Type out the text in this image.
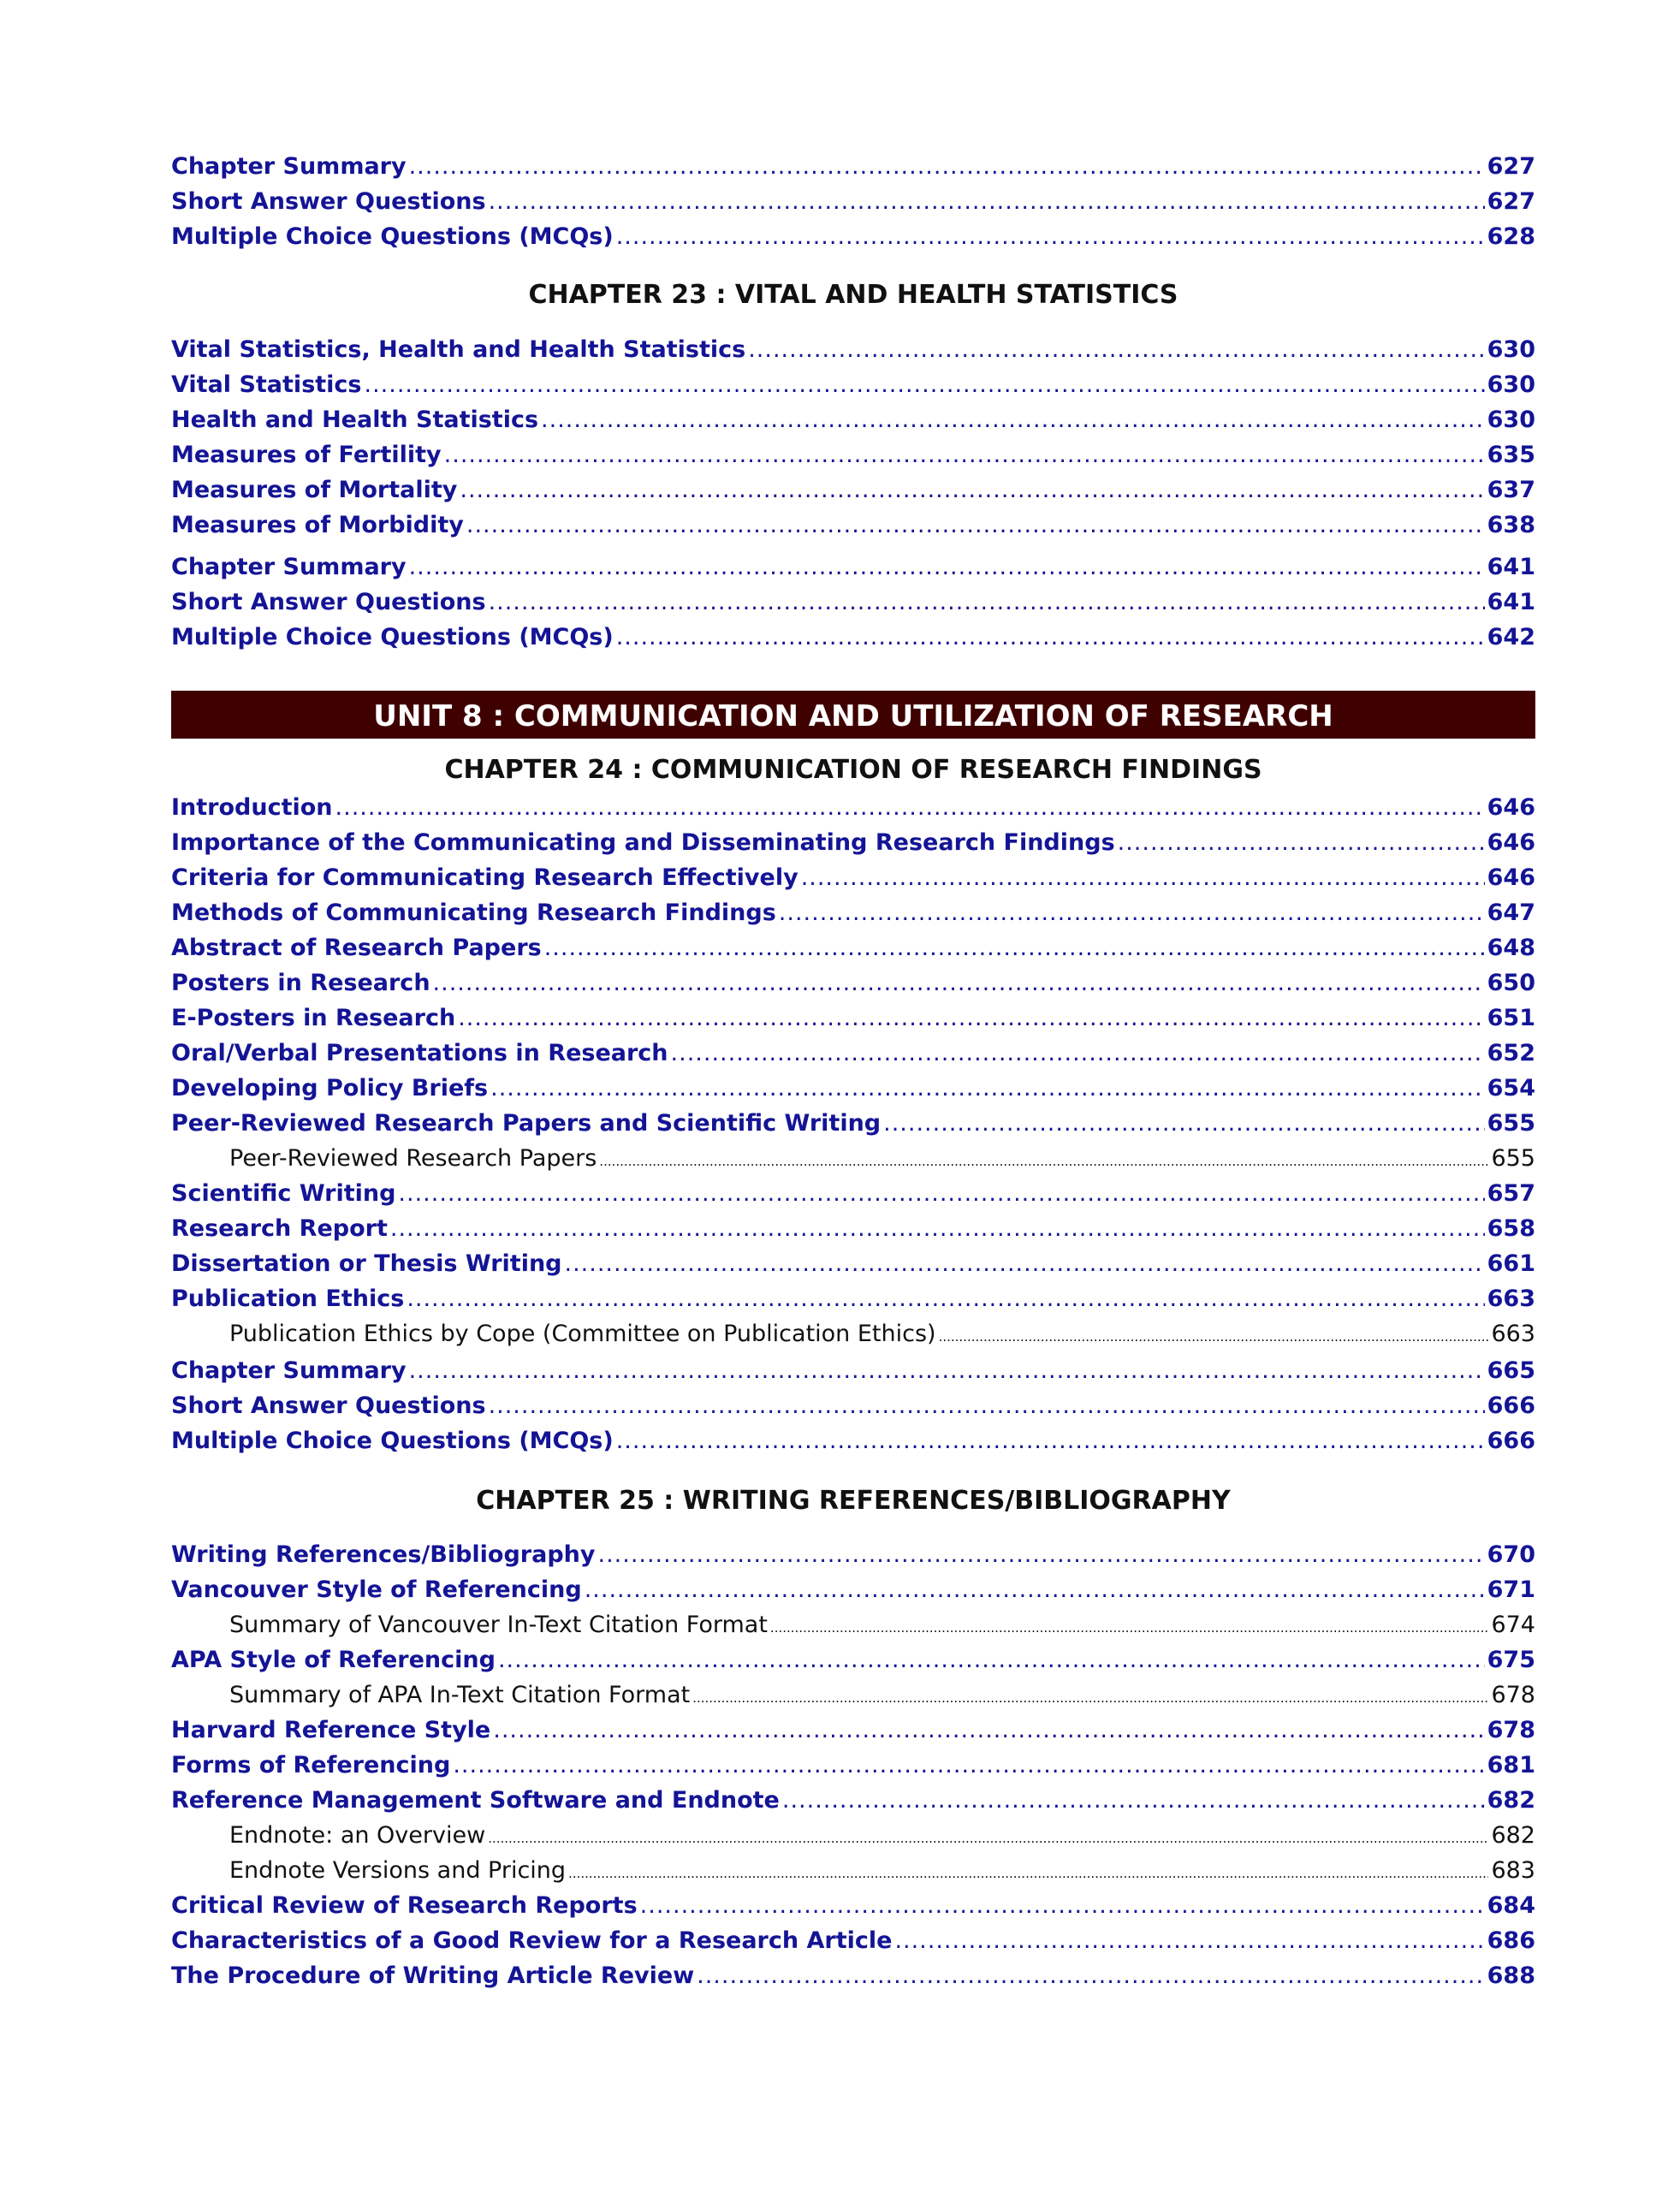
Chapter Summary .....	627
Short Answer Questions .....	627
Multiple Choice Questions (MCQs) .....	628
CHAPTER 23 : VITAL AND HEALTH STATISTICS
Vital Statistics, Health and Health Statistics .....	630
Vital Statistics .....	630
Health and Health Statistics .....	630
Measures of Fertility .....	635
Measures of Mortality .....	637
Measures of Morbidity .....	638
Chapter Summary .....	641
Short Answer Questions .....	641
Multiple Choice Questions (MCQs) .....	642
UNIT 8 : COMMUNICATION AND UTILIZATION OF RESEARCH
CHAPTER 24 : COMMUNICATION OF RESEARCH FINDINGS
Introduction .....	646
Importance of the Communicating and Disseminating Research Findings .....	646
Criteria for Communicating Research Effectively .....	646
Methods of Communicating Research Findings .....	647
Abstract of Research Papers .....	648
Posters in Research .....	650
E-Posters in Research .....	651
Oral/Verbal Presentations in Research .....	652
Developing Policy Briefs .....	654
Peer-Reviewed Research Papers and Scientific Writing .....	655
Peer-Reviewed Research Papers .....	655
Scientific Writing .....	657
Research Report .....	658
Dissertation or Thesis Writing .....	661
Publication Ethics .....	663
Publication Ethics by Cope (Committee on Publication Ethics) .....	663
Chapter Summary .....	665
Short Answer Questions .....	666
Multiple Choice Questions (MCQs) .....	666
CHAPTER 25 : WRITING REFERENCES/BIBLIOGRAPHY
Writing References/Bibliography .....	670
Vancouver Style of Referencing .....	671
Summary of Vancouver In-Text Citation Format .....	674
APA Style of Referencing .....	675
Summary of APA In-Text Citation Format .....	678
Harvard Reference Style .....	678
Forms of Referencing .....	681
Reference Management Software and Endnote .....	682
Endnote: an Overview .....	682
Endnote Versions and Pricing .....	683
Critical Review of Research Reports .....	684
Characteristics of a Good Review for a Research Article .....	686
The Procedure of Writing Article Review .....	688
